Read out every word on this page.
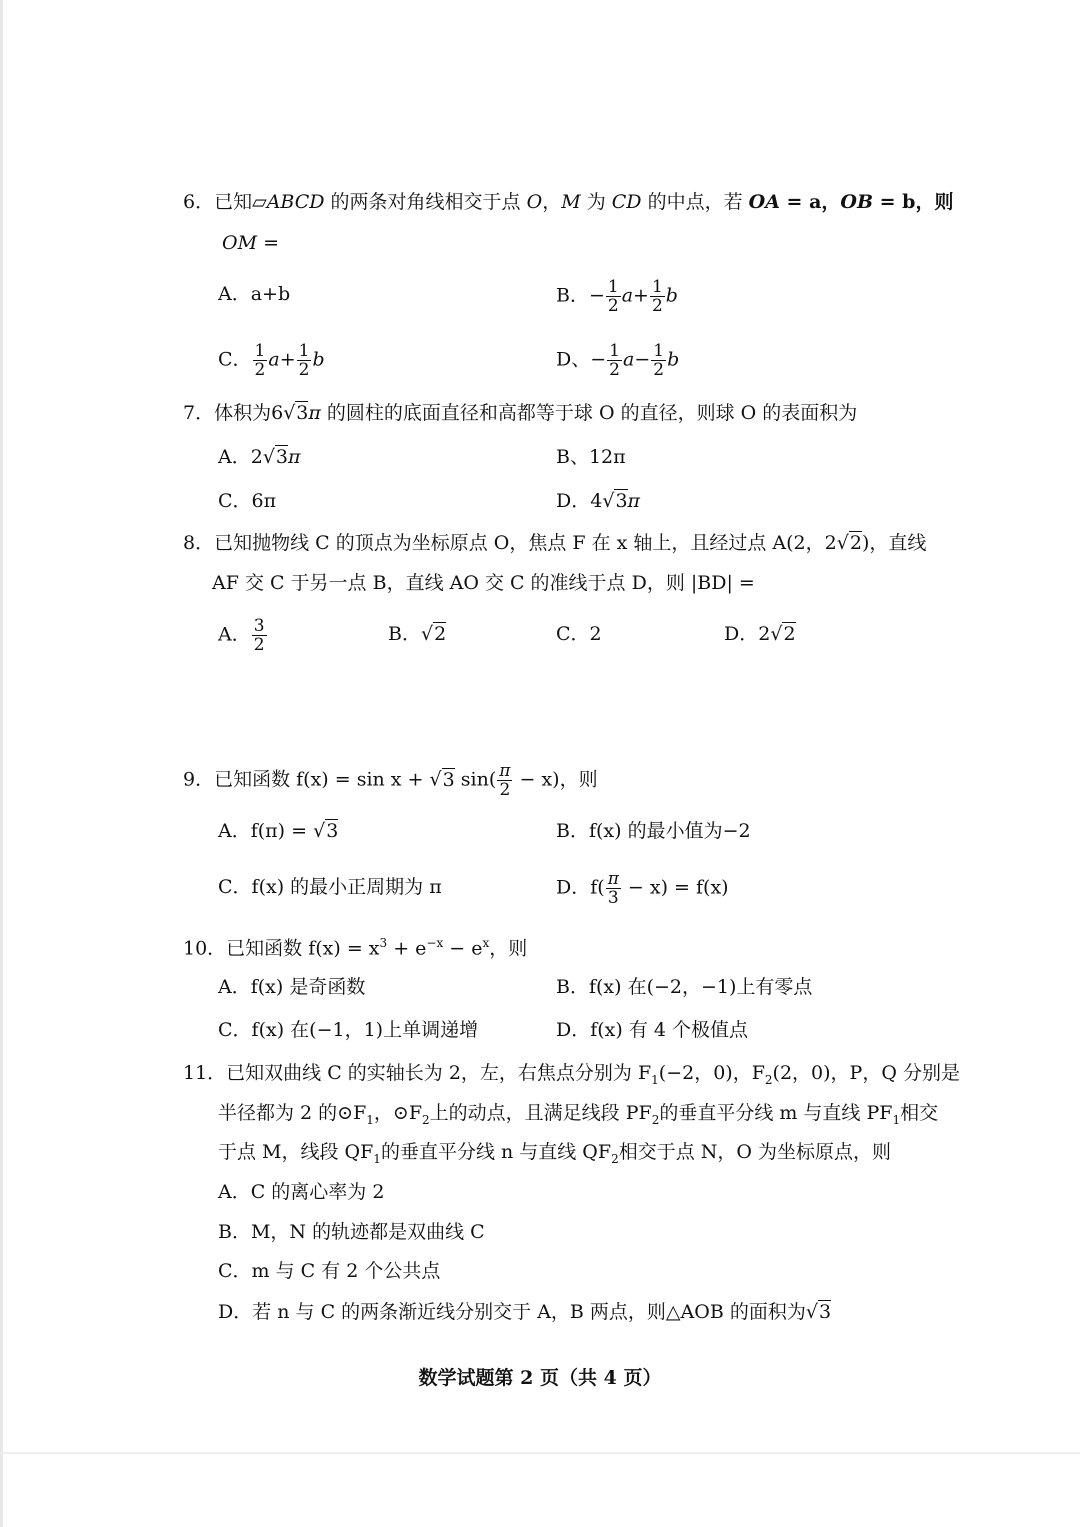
6．已知▱ABCD 的两条对角线相交于点 O，M 为 CD 的中点，若 OA = a，OB = b，则
OM =
A．a+b	B．− $\frac{1}{2} a+ \frac{1}{2}$ b
C． $\frac{1}{2} a+ \frac{1}{2}$ b	D、− $\frac{1}{2} a- \frac{1}{2}$ b
7．体积为6√3π 的圆柱的底面直径和高都等于球 O 的直径，则球 O 的表面积为
A．2√3π	B、12π
C．6π	D．4√3π
8．已知抛物线 C 的顶点为坐标原点 O，焦点 F 在 x 轴上，且经过点 A(2，2√2)，直线
AF 交 C 于另一点 B，直线 AO 交 C 的准线于点 D，则 |BD| =
A． $\frac{3}{2}$	B．√2	C．2	D．2√2
9．已知函数 f(x) = sin x + √3 $\sin( \frac{\pi}{2} - x)$，则
A．f(π) = √3	B．f(x) 的最小值为−2
C．f(x) 的最小正周期为 π	D．$f( \frac{\pi}{3} - x) = f(x)$
10．已知函数 $f(x) = x^3 + e^{-x} - e^x$，则
A．f(x) 是奇函数	B．f(x) 在(−2，−1)上有零点
C．f(x) 在(−1，1)上单调递增	D．f(x) 有 4 个极值点
11．已知双曲线 C 的实轴长为 2，左，右焦点分别为 $F_1(-2$，0)，$F_2(2$，0)，P，Q 分别是
半径都为 2 的$⊙F_1$，$⊙F_2$上的动点，且满足线段 $PF_2$的垂直平分线 m 与直线 $PF_1$相交
于点 M，线段 $QF_1$的垂直平分线 n 与直线 $QF_2$相交于点 N，O 为坐标原点，则
A．C 的离心率为 2
B．M，N 的轨迹都是双曲线 C
C．m 与 C 有 2 个公共点
D．若 n 与 C 的两条渐近线分别交于 A，B 两点，则△AOB 的面积为√3
数学试题第 2 页（共 4 页）
